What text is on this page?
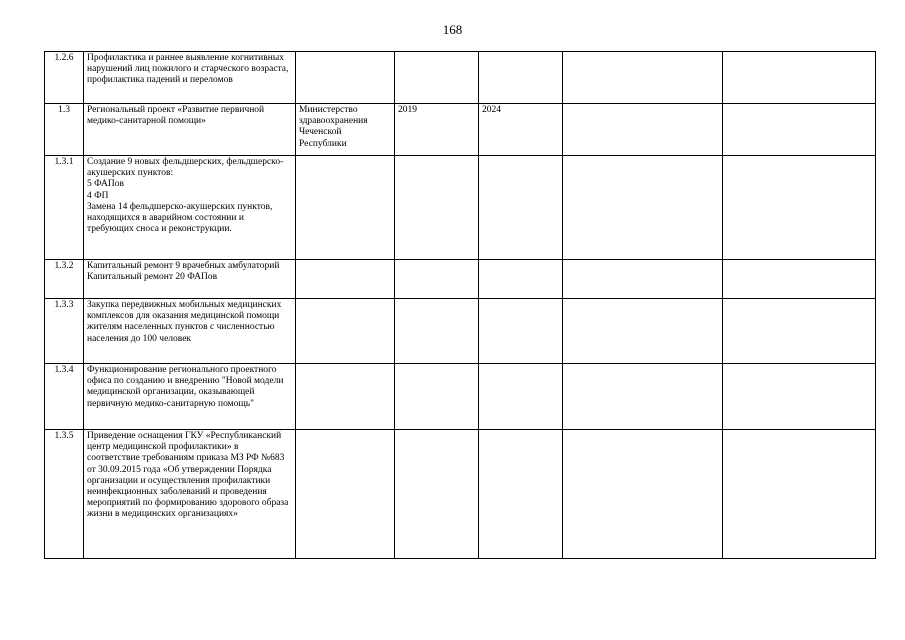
168
1.2.6	Профилактика и раннее выявление когнитивных нарушений лиц пожилого и старческого возраста, профилактика падений и переломов					
1.3	Региональный проект «Развитие первичной медико-санитарной помощи»	Министерство здравоохранения Чеченской Республики	2019	2024		
1.3.1	Создание 9 новых фельдшерских, фельдшерско-акушерских пунктов:
5 ФАПов
4 ФП
Замена 14 фельдшерско-акушерских пунктов, находящихся в аварийном состоянии и требующих сноса и реконструкции.					
1.3.2	Капитальный ремонт 9 врачебных амбулаторий
Капитальный ремонт 20 ФАПов					
1.3.3	Закупка передвижных мобильных медицинских комплексов для оказания медицинской помощи жителям населенных пунктов с численностью населения до 100 человек					
1.3.4	Функционирование регионального проектного офиса по созданию и внедрению "Новой модели медицинской организации, оказывающей первичную медико-санитарную помощь"					
1.3.5	Приведение оснащения ГКУ «Республиканский центр медицинской профилактики» в соответствие требованиям приказа МЗ РФ №683 от 30.09.2015 года «Об утверждении Порядка организации и осуществления профилактики неинфекционных заболеваний и проведения мероприятий по формированию здорового образа жизни в медицинских организациях»					
